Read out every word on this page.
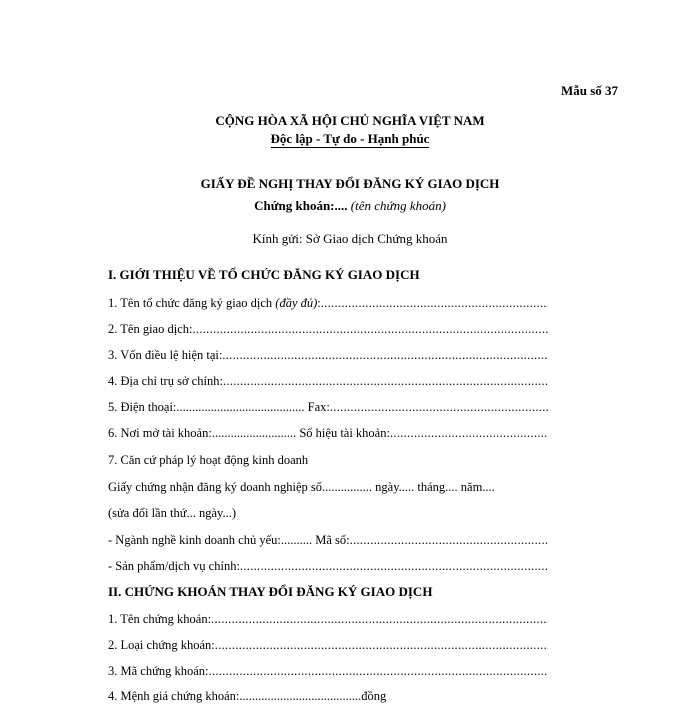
Mẫu số 37
CỘNG HÒA XÃ HỘI CHỦ NGHĨA VIỆT NAM
Độc lập - Tự do - Hạnh phúc
GIẤY ĐỀ NGHỊ THAY ĐỔI ĐĂNG KÝ GIAO DỊCH
Chứng khoán:.... (tên chứng khoán)
Kính gửi: Sở Giao dịch Chứng khoán
I. GIỚI THIỆU VỀ TỔ CHỨC ĐĂNG KÝ GIAO DỊCH
1. Tên tổ chức đăng ký giao dịch (đầy đủ) :
.....
2. Tên giao dịch:
.....
3. Vốn điều lệ hiện tại:
.....
4. Địa chỉ trụ sở chính:
.....
5. Điện thoại: ......................................... Fax:
.....
6. Nơi mở tài khoản: ........................... Số hiệu tài khoản:
.....
7. Căn cứ pháp lý hoạt động kinh doanh
Giấy chứng nhận đăng ký doanh nghiệp số................ ngày..... tháng.... năm....
(sửa đổi lần thứ... ngày...)
- Ngành nghề kinh doanh chủ yếu: .......... Mã số:
.....
- Sản phẩm/dịch vụ chính:
.....
II. CHỨNG KHOÁN THAY ĐỔI ĐĂNG KÝ GIAO DỊCH
1. Tên chứng khoán:
.....
2. Loại chứng khoán:
.....
3. Mã chứng khoán:
.....
4. Mệnh giá chứng khoán: ....................................... đồng
